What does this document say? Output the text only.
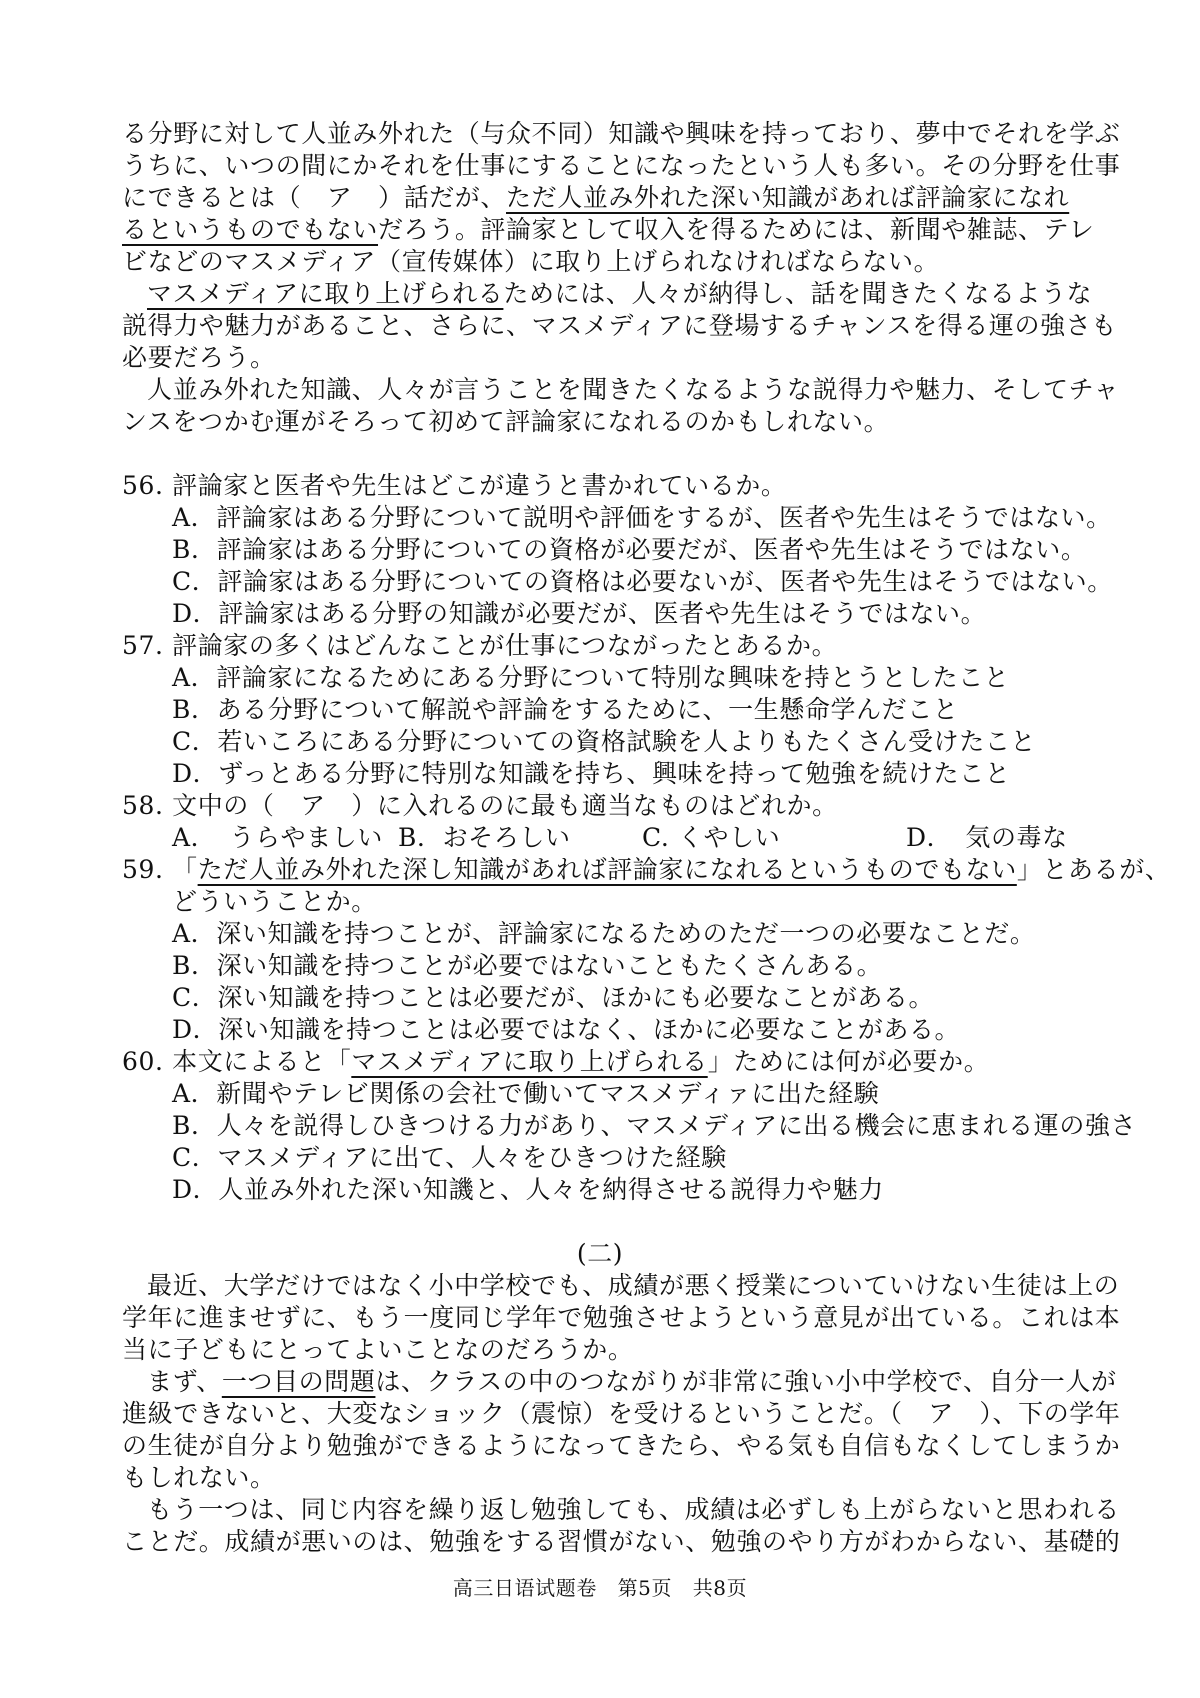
る分野に対して人並み外れた（与众不同）知識や興味を持っており、夢中でそれを学ぶ
うちに、いつの間にかそれを仕事にすることになったという人も多い。その分野を仕事
にできるとは（　ア　）話だが、ただ人並み外れた深い知識があれば評論家になれ
るというものでもないだろう。評論家として収入を得るためには、新聞や雑誌、テレ
ビなどのマスメディア（宣传媒体）に取り上げられなければならない。
マスメディアに取り上げられるためには、人々が納得し、話を聞きたくなるような
説得力や魅力があること、さらに、マスメディアに登場するチャンスを得る運の強さも
必要だろう。
人並み外れた知識、人々が言うことを聞きたくなるような説得力や魅力、そしてチャ
ンスをつかむ運がそろって初めて評論家になれるのかもしれない。
56. 評論家と医者や先生はどこが違うと書かれているか。
A．評論家はある分野について説明や評価をするが、医者や先生はそうではない。
B．評論家はある分野についての資格が必要だが、医者や先生はそうではない。
C．評論家はある分野についての資格は必要ないが、医者や先生はそうではない。
D．評論家はある分野の知識が必要だが、医者や先生はそうではない。
57. 評論家の多くはどんなことが仕事につながったとあるか。
A．評論家になるためにある分野について特別な興味を持とうとしたこと
B．ある分野について解説や評論をするために、一生懸命学んだこと
C．若いころにある分野についての資格試験を人よりもたくさん受けたこと
D．ずっとある分野に特別な知識を持ち、興味を持って勉強を続けたこと
58. 文中の（　ア　）に入れるのに最も適当なものはどれか。
A．　うらやましい B．おそろしい	C. くやしい	D．　気の毒な
59. 「ただ人並み外れた深し知識があれば評論家になれるというものでもない」とあるが、
どういうことか。
A．深い知識を持つことが、評論家になるためのただ一つの必要なことだ。
B．深い知識を持つことが必要ではないこともたくさんある。
C．深い知識を持つことは必要だが、ほかにも必要なことがある。
D．深い知識を持つことは必要ではなく、ほかに必要なことがある。
60. 本文によると「マスメディアに取り上げられる」ためには何が必要か。
A．新聞やテレビ関係の会社で働いてマスメディァに出た経験
B．人々を説得しひきつける力があり、マスメディアに出る機会に恵まれる運の強さ
C．マスメディアに出て、人々をひきつけた経験
D．人並み外れた深い知譏と、人々を納得させる説得力や魅力
(二)
最近、大学だけではなく小中学校でも、成績が悪く授業についていけない生徒は上の
学年に進ませずに、もう一度同じ学年で勉強させようという意見が出ている。これは本
当に子どもにとってよいことなのだろうか。
まず、一つ目の問題は、クラスの中のつながりが非常に強い小中学校で、自分一人が
進級できないと、大変なショック（震惊）を受けるということだ。（　ア　）、下の学年
の生徒が自分より勉強ができるようになってきたら、やる気も自信もなくしてしまうか
もしれない。
もう一つは、同じ内容を繰り返し勉強しても、成績は必ずしも上がらないと思われる
ことだ。成績が悪いのは、勉強をする習慣がない、勉強のやり方がわからない、基礎的
高三日语试题卷　第5页　共8页
